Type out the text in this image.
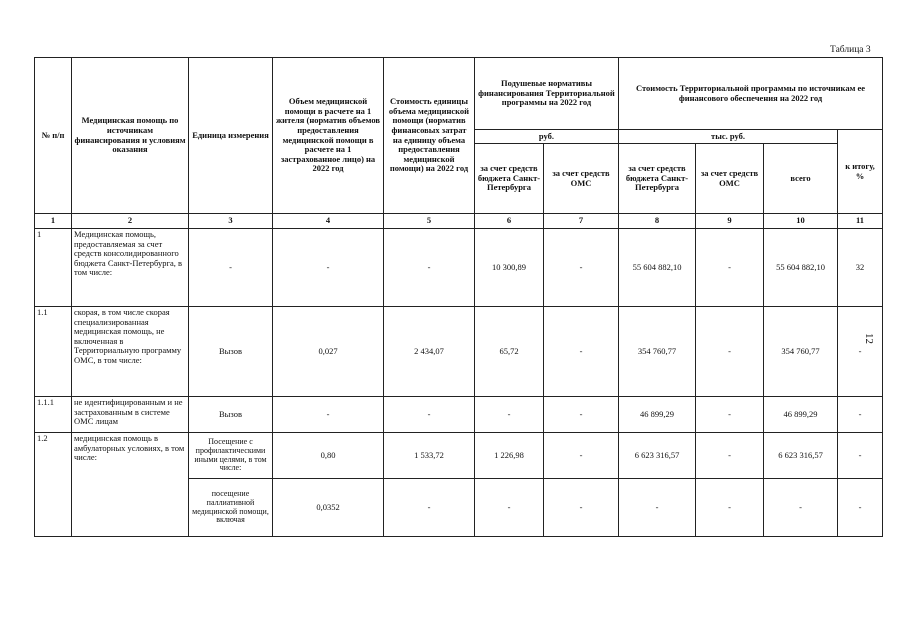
Таблица 3
12
№ п/п	Медицинская помощь по источникам финансирования и условиям оказания	Единица измерения	Объем медицинской помощи в расчете на 1 жителя (норматив объемов предоставления медицинской помощи в расчете на 1 застрахованное лицо) на 2022 год	Стоимость единицы объема медицинской помощи (норматив финансовых затрат на единицу объема предоставления медицинской помощи) на 2022 год	Подушевые нормативы финансирования Территориальной программы на 2022 год		Стоимость Территориальной программы по источникам ее финансового обеспечения на 2022 год			
					руб.		тыс. руб.			к итогу, %
					за счет средств бюджета Санкт-Петербурга	за счет средств ОМС	за счет средств бюджета Санкт-Петербурга	за счет средств ОМС	всего	
1	2	3	4	5	6	7	8	9	10	11
1	Медицинская помощь, предоставляемая за счет средств консолидированного бюджета Санкт-Петербурга, в том числе:	-	-	-	10 300,89	-	55 604 882,10	-	55 604 882,10	32
1.1	скорая, в том числе скорая специализированная медицинская помощь, не включенная в Территориальную программу ОМС, в том числе:	Вызов	0,027	2 434,07	65,72	-	354 760,77	-	354 760,77	-
1.1.1	не идентифицированным и не застрахованным в системе ОМС лицам	Вызов	-	-	-	-	46 899,29	-	46 899,29	-
1.2	медицинская помощь в амбулаторных условиях, в том числе:	Посещение с профилактическими иными целями, в том числе:	0,80	1 533,72	1 226,98	-	6 623 316,57	-	6 623 316,57	-
		посещение паллиативной медицинской помощи, включая	0,0352	-	-	-	-	-	-	-
